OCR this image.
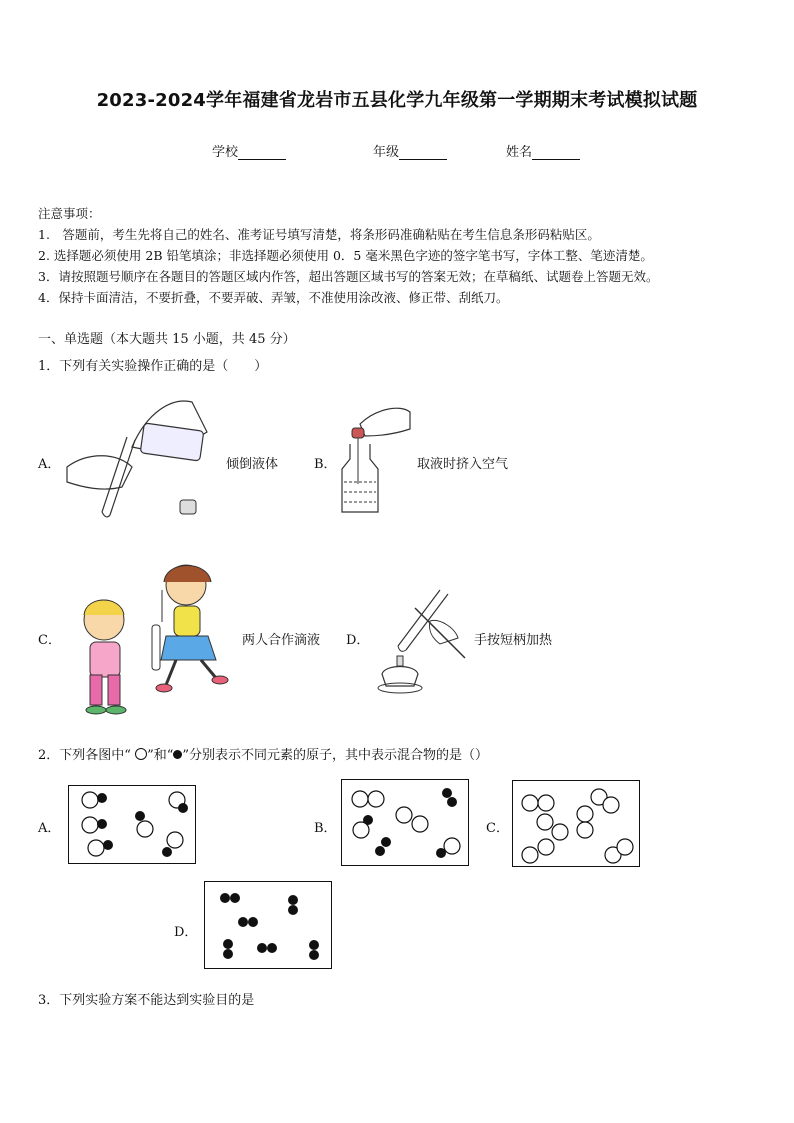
2023-2024学年福建省龙岩市五县化学九年级第一学期期末考试模拟试题
学校	年级	姓名
注意事项：
1.　答题前，考生先将自己的姓名、准考证号填写清楚，将条形码准确粘贴在考生信息条形码粘贴区。
2. 选择题必须使用 2B 铅笔填涂；非选择题必须使用 0．5 毫米黑色字迹的签字笔书写，字体工整、笔迹清楚。
3．请按照题号顺序在各题目的答题区域内作答，超出答题区域书写的答案无效；在草稿纸、试题卷上答题无效。
4．保持卡面清洁，不要折叠，不要弄破、弄皱，不准使用涂改液、修正带、刮纸刀。
一、单选题（本大题共 15 小题，共 45 分）
1．下列有关实验操作正确的是（　　）
A．	倾倒液体	B．	取液时挤入空气
C．	两人合作滴液 D．	手按短柄加热
2．下列各图中“ ”和“ ”分别表示不同元素的原子，其中表示混合物的是（）
A．	B．	C．
D．
3．下列实验方案不能达到实验目的是
